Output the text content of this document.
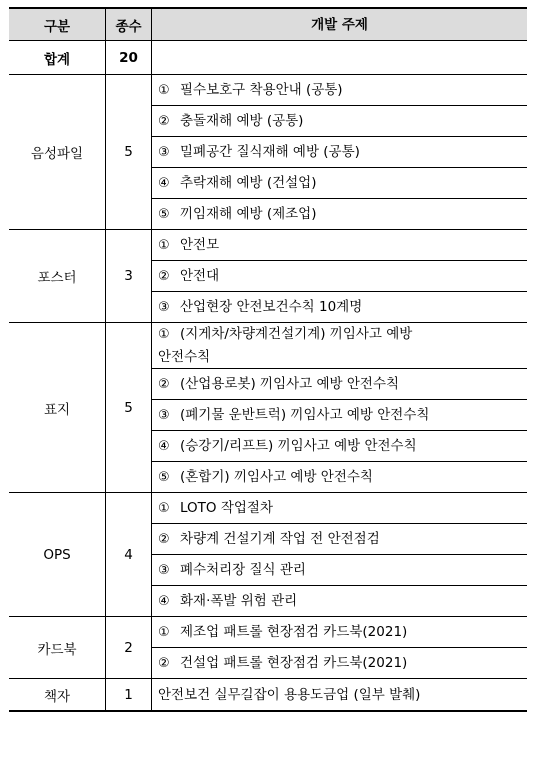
구분	종수	개발 주제
합계	20	
음성파일	5	① 필수보호구 착용안내 (공통)
		② 충돌재해 예방 (공통)
		③ 밀폐공간 질식재해 예방 (공통)
		④ 추락재해 예방 (건설업)
		⑤ 끼임재해 예방 (제조업)
포스터	3	① 안전모
		② 안전대
		③ 산업현장 안전보건수칙 10계명
표지	5	① (지게차/차량계건설기계) 끼임사고 예방
안전수칙
		② (산업용로봇) 끼임사고 예방 안전수칙
		③ (폐기물 운반트럭) 끼임사고 예방 안전수칙
		④ (승강기/리프트) 끼임사고 예방 안전수칙
		⑤ (혼합기) 끼임사고 예방 안전수칙
OPS	4	① LOTO 작업절차
		② 차량계 건설기계 작업 전 안전점검
		③ 폐수처리장 질식 관리
		④ 화재·폭발 위험 관리
카드북	2	① 제조업 패트롤 현장점검 카드북(2021)
		② 건설업 패트롤 현장점검 카드북(2021)
책자	1	안전보건 실무길잡이 용용도금업 (일부 발췌)
